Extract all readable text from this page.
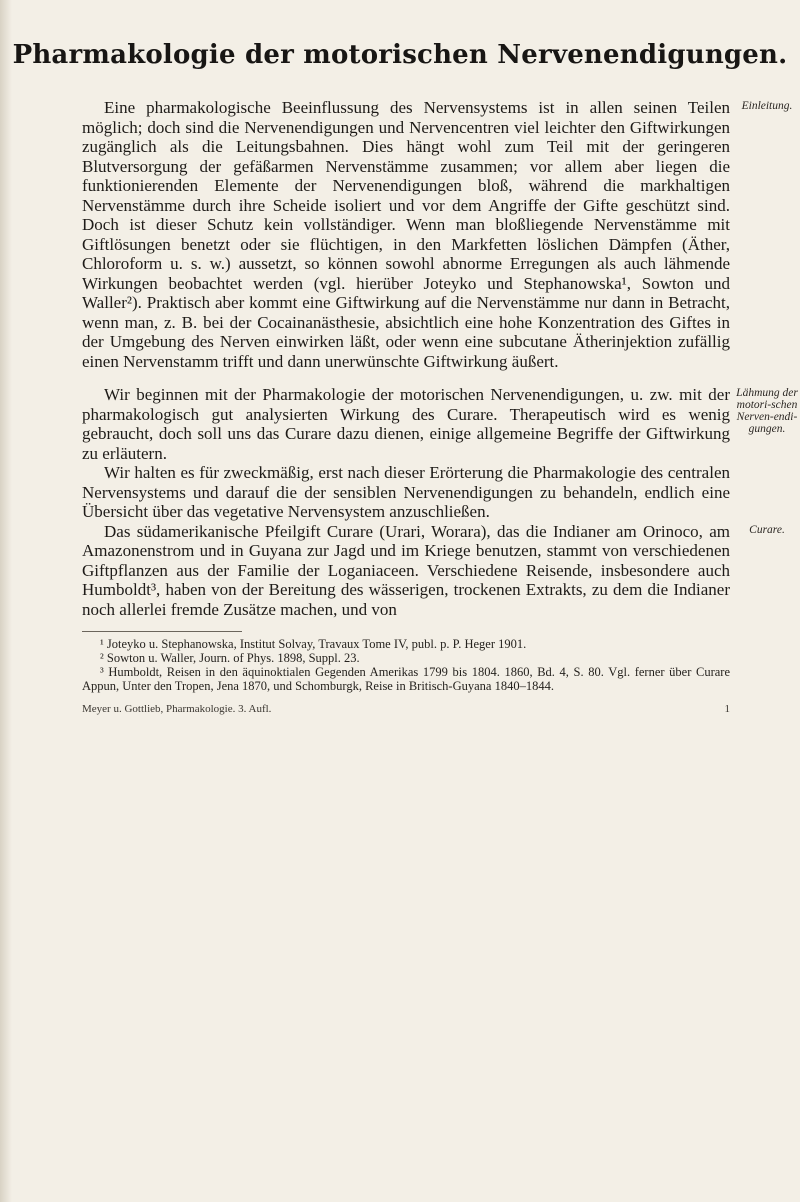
Pharmakologie der motorischen Nervenendigungen.

Eine pharmakologische Beeinflussung des Nervensystems ist in allen seinen Teilen möglich; doch sind die Nervenendigungen und Nervencentren viel leichter den Giftwirkungen zugänglich als die Leitungsbahnen. Dies hängt wohl zum Teil mit der geringeren Blutversorgung der gefäßarmen Nervenstämme zusammen; vor allem aber liegen die funktionierenden Elemente der Nervenendigungen bloß, während die markhaltigen Nervenstämme durch ihre Scheide isoliert und vor dem Angriffe der Gifte geschützt sind. Doch ist dieser Schutz kein vollständiger. Wenn man bloßliegende Nervenstämme mit Giftlösungen benetzt oder sie flüchtigen, in den Markfetten löslichen Dämpfen (Äther, Chloroform u. s. w.) aussetzt, so können sowohl abnorme Erregungen als auch lähmende Wirkungen beobachtet werden (vgl. hierüber Joteyko und Stephanowska¹, Sowton und Waller²). Praktisch aber kommt eine Giftwirkung auf die Nervenstämme nur dann in Betracht, wenn man, z. B. bei der Cocainanästhesie, absichtlich eine hohe Konzentration des Giftes in der Umgebung des Nerven einwirken läßt, oder wenn eine subcutane Ätherinjektion zufällig einen Nervenstamm trifft und dann unerwünschte Giftwirkung äußert.

Wir beginnen mit der Pharmakologie der motorischen Nervenendigungen, u. zw. mit der pharmakologisch gut analysierten Wirkung des Curare. Therapeutisch wird es wenig gebraucht, doch soll uns das Curare dazu dienen, einige allgemeine Begriffe der Giftwirkung zu erläutern.

Wir halten es für zweckmäßig, erst nach dieser Erörterung die Pharmakologie des centralen Nervensystems und darauf die der sensiblen Nervenendigungen zu behandeln, endlich eine Übersicht über das vegetative Nervensystem anzuschließen.

Das südamerikanische Pfeilgift Curare (Urari, Worara), das die Indianer am Orinoco, am Amazonenstrom und in Guyana zur Jagd und im Kriege benutzen, stammt von verschiedenen Giftpflanzen aus der Familie der Loganiaceen. Verschiedene Reisende, insbesondere auch Humboldt³, haben von der Bereitung des wässerigen, trockenen Extrakts, zu dem die Indianer noch allerlei fremde Zusätze machen, und von

Einleitung.
Lähmung der motori-schen Nerven-endi-gungen.
Curare.

¹ Joteyko u. Stephanowska, Institut Solvay, Travaux Tome IV, publ. p. P. Heger 1901.

² Sowton u. Waller, Journ. of Phys. 1898, Suppl. 23.

³ Humboldt, Reisen in den äquinoktialen Gegenden Amerikas 1799 bis 1804. 1860, Bd. 4, S. 80. Vgl. ferner über Curare Appun, Unter den Tropen, Jena 1870, und Schomburgk, Reise in Britisch-Guyana 1840–1844.

Meyer u. Gottlieb, Pharmakologie. 3. Aufl.	1
